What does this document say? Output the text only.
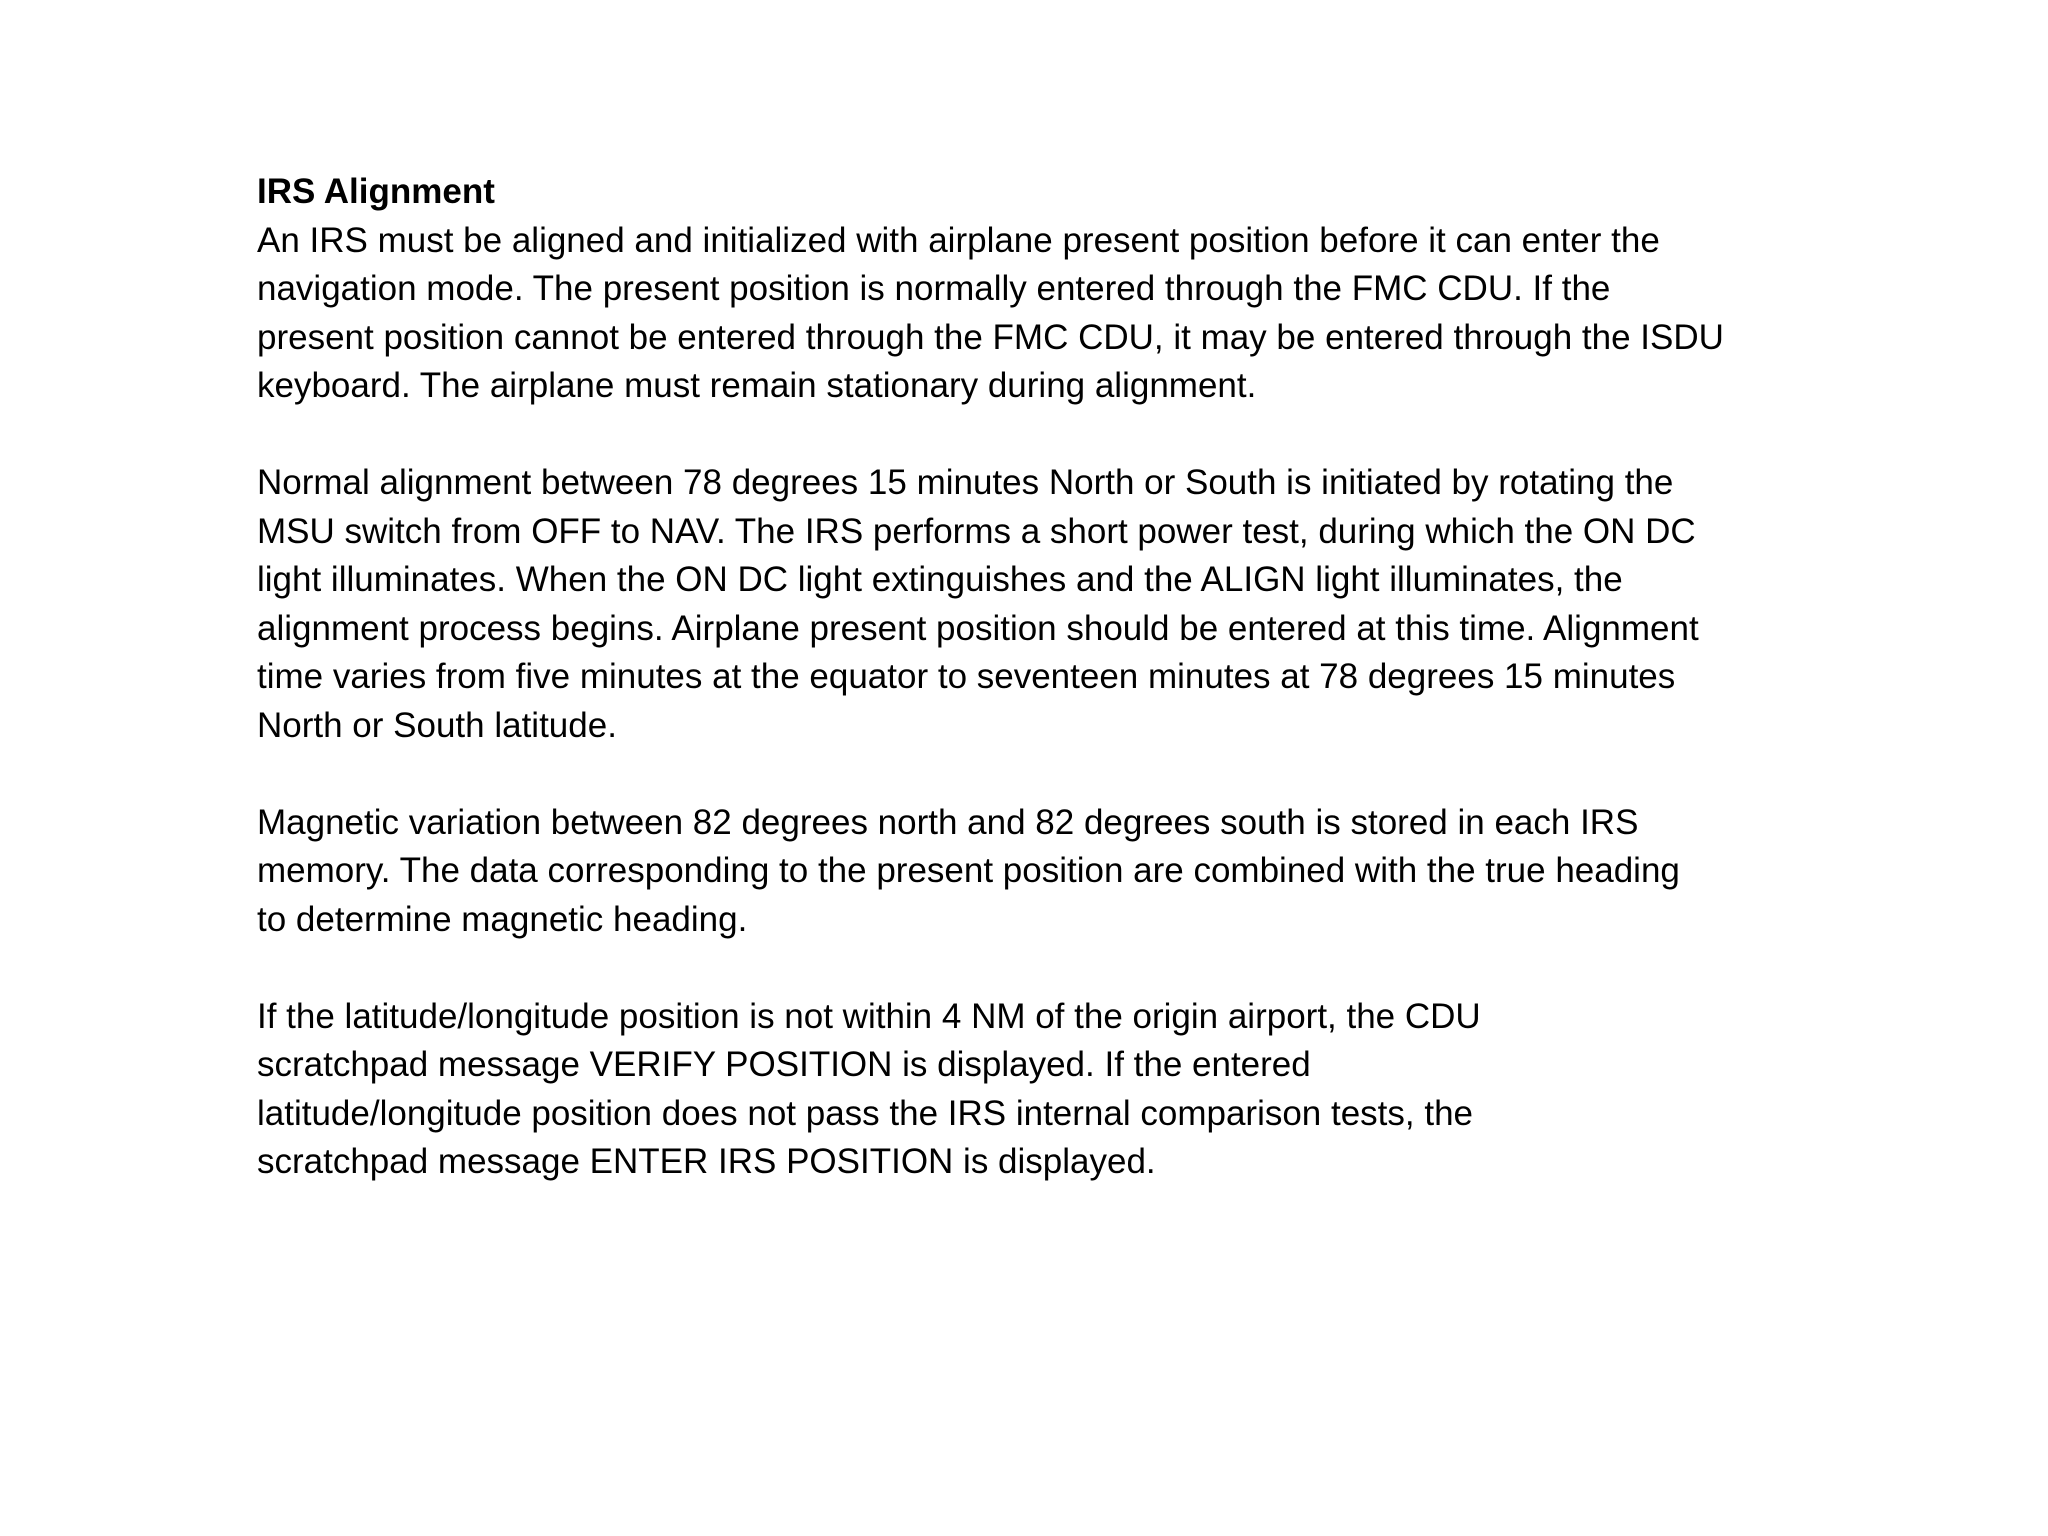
IRS Alignment

An IRS must be aligned and initialized with airplane present position before it can enter the
navigation mode. The present position is normally entered through the FMC CDU. If the
present position cannot be entered through the FMC CDU, it may be entered through the ISDU
keyboard. The airplane must remain stationary during alignment.

Normal alignment between 78 degrees 15 minutes North or South is initiated by rotating the
MSU switch from OFF to NAV. The IRS performs a short power test, during which the ON DC
light illuminates. When the ON DC light extinguishes and the ALIGN light illuminates, the
alignment process begins. Airplane present position should be entered at this time. Alignment
time varies from five minutes at the equator to seventeen minutes at 78 degrees 15 minutes
North or South latitude.

Magnetic variation between 82 degrees north and 82 degrees south is stored in each IRS
memory. The data corresponding to the present position are combined with the true heading
to determine magnetic heading.

If the latitude/longitude position is not within 4 NM of the origin airport, the CDU
scratchpad message VERIFY POSITION is displayed. If the entered
latitude/longitude position does not pass the IRS internal comparison tests, the
scratchpad message ENTER IRS POSITION is displayed.
